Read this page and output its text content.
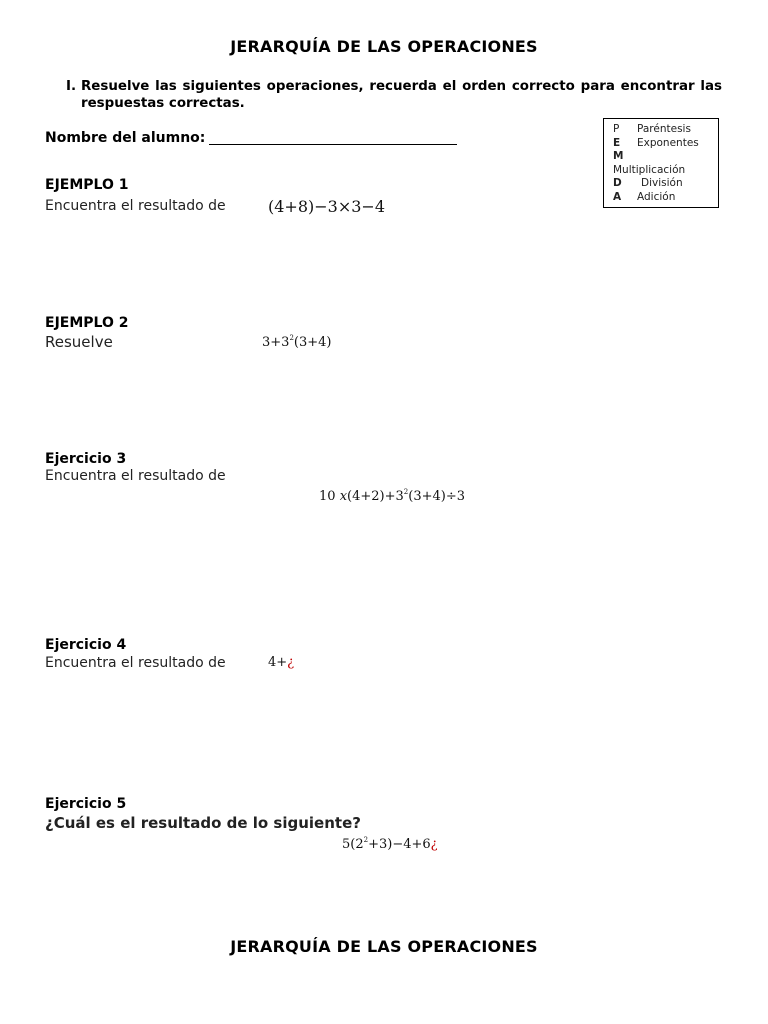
JERARQUÍA DE LAS OPERACIONES
I. Resuelve las siguientes operaciones, recuerda el orden correcto para encontrar las respuestas correctas.
Nombre del alumno:
P Paréntesis
E Exponentes
M
Multiplicación
D División
A Adición
EJEMPLO 1
Encuentra el resultado de	(4+8)−3×3−4
EJEMPLO 2
Resuelve	$3+3^2(3+4)$
Ejercicio 3
Encuentra el resultado de
10 $x(4+2)+3^2(3+4)\div 3$
Ejercicio 4
Encuentra el resultado de	4+¿
Ejercicio 5
¿Cuál es el resultado de lo siguiente?
$5(2^2+3)-4+6¿$
JERARQUÍA DE LAS OPERACIONES
